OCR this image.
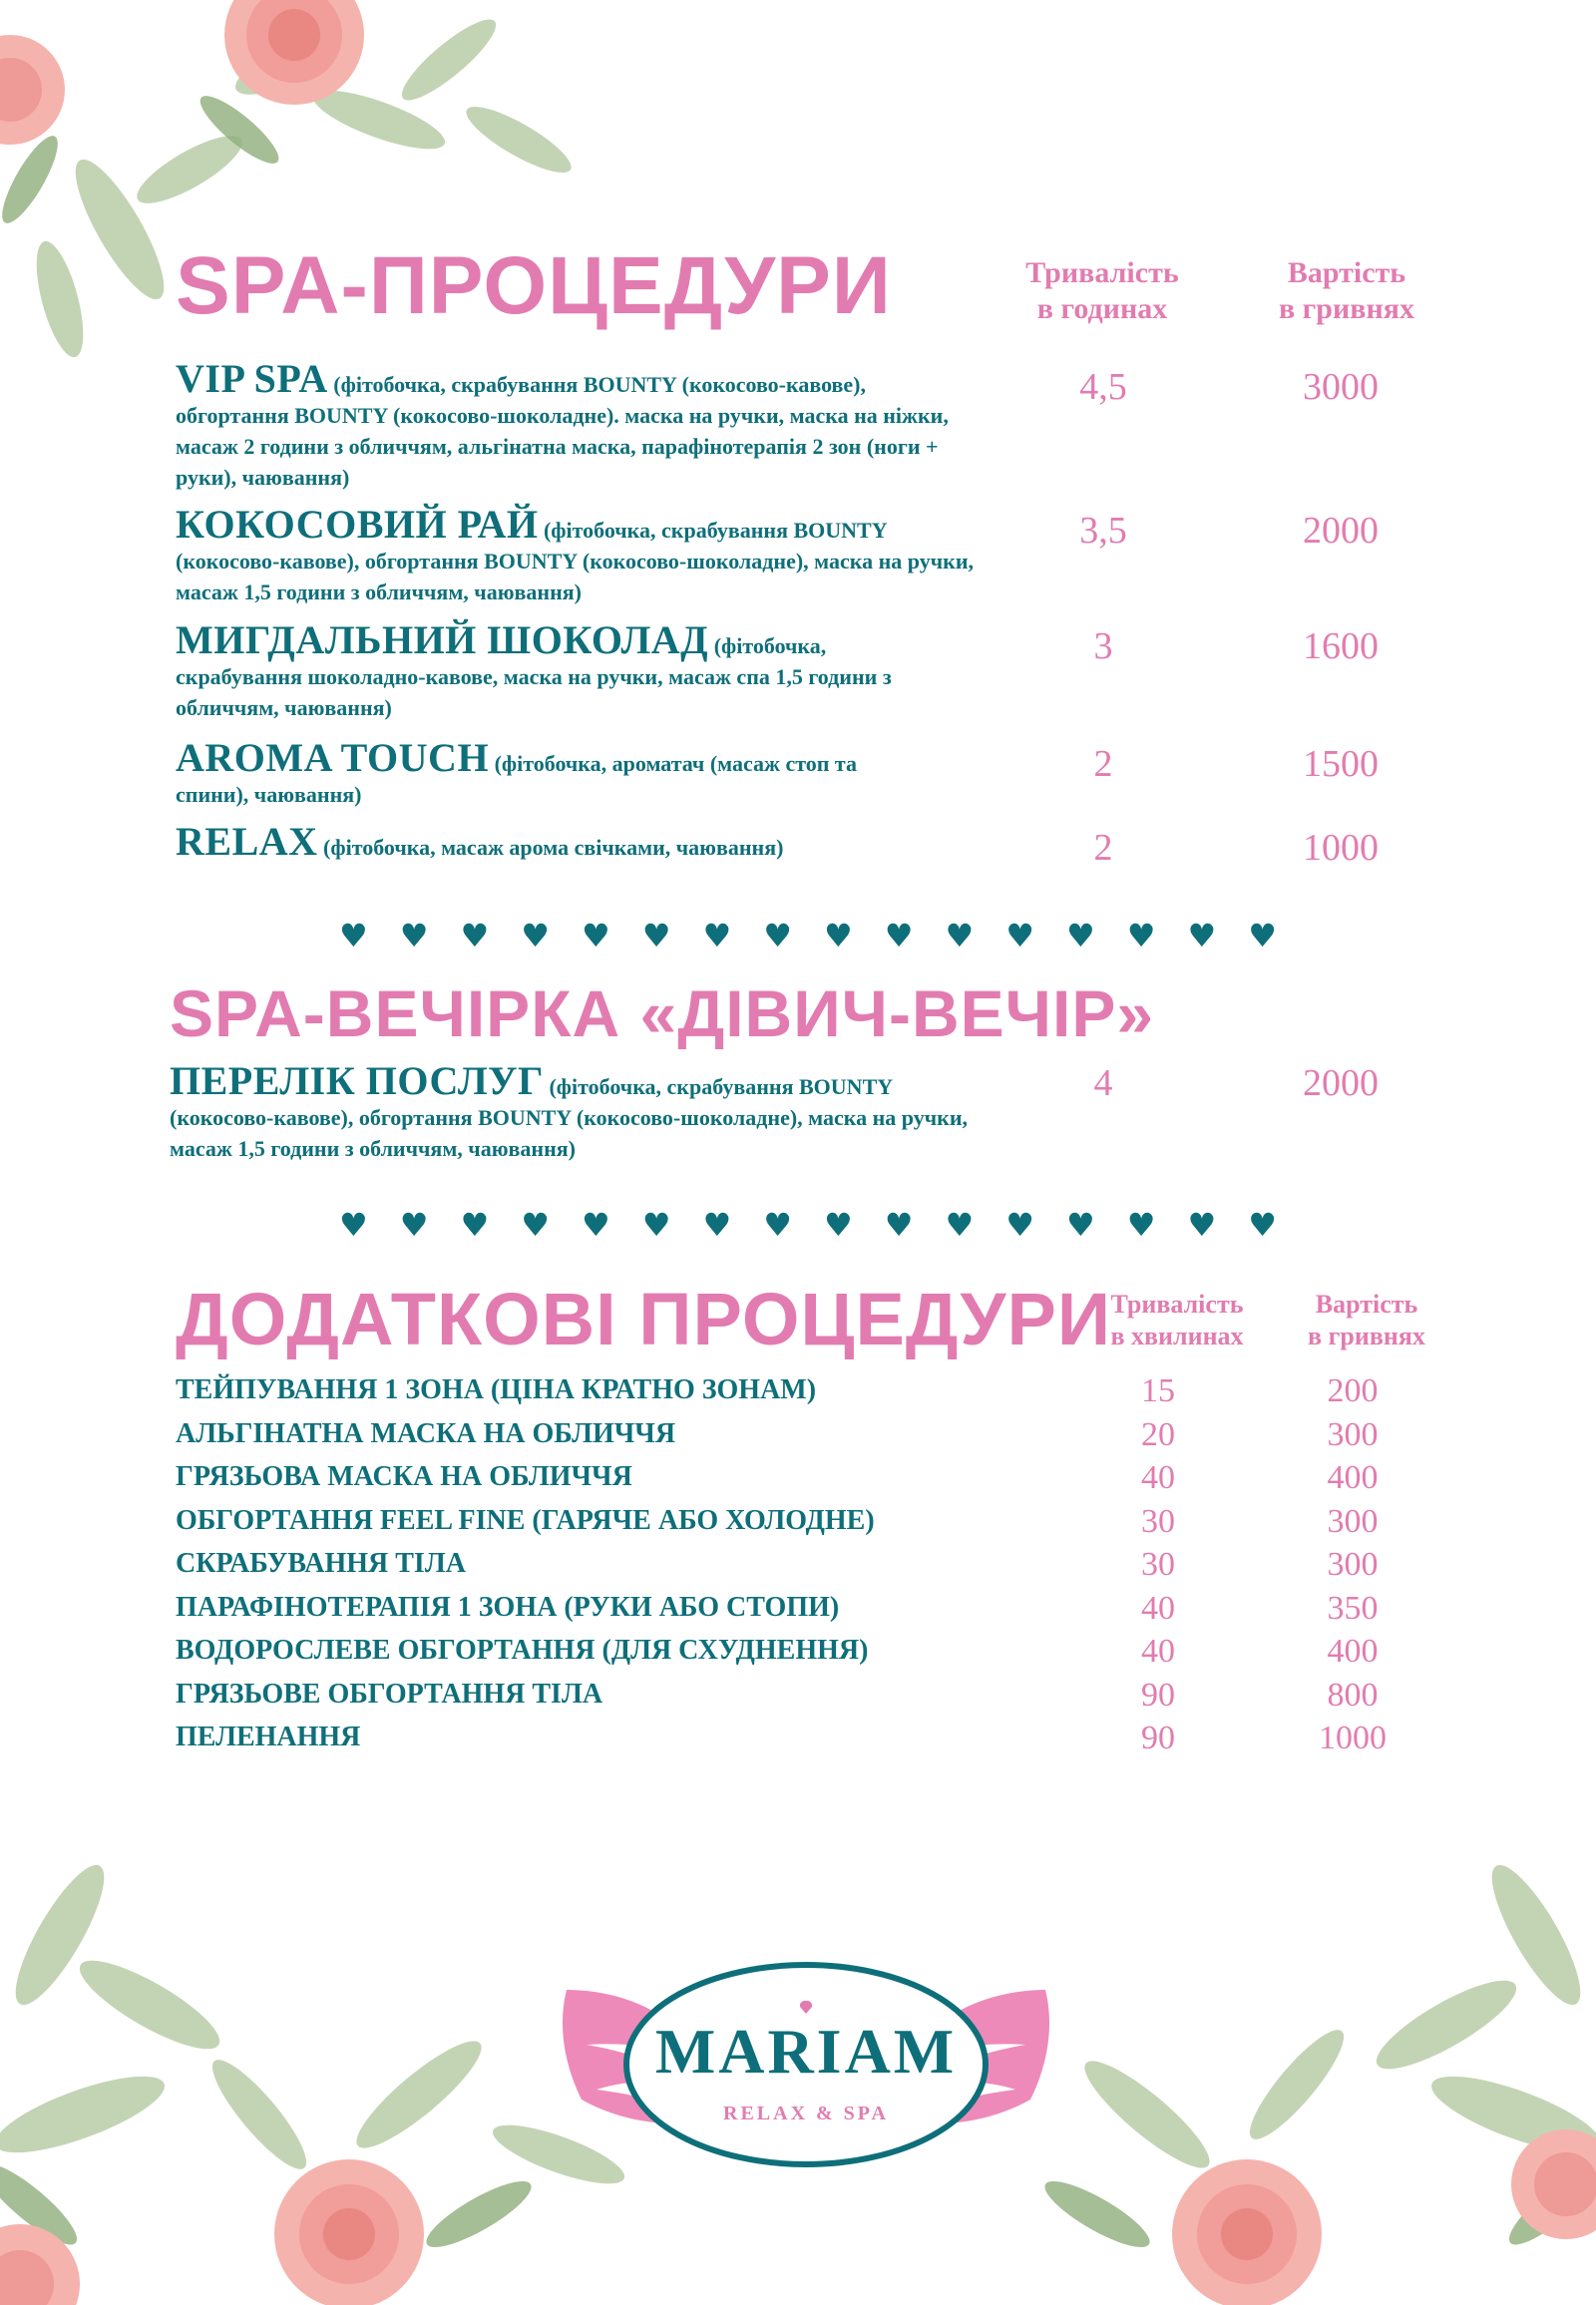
SPA-ПРОЦЕДУРИ	Тривалість
в годинах
Вартість
в гривнях
VIP SPA (фітобочка, скрабування BOUNTY (кокосово-кавове), обгортання BOUNTY (кокосово-шоколадне). маска на ручки, маска на ніжки, масаж 2 години з обличчям, альгінатна маска, парафінотерапія 2 зон (ноги + руки), чаювання)
4,5	3000
КОКОСОВИЙ РАЙ (фітобочка, скрабування BOUNTY (кокосово-кавове), обгортання BOUNTY (кокосово-шоколадне), маска на ручки, масаж 1,5 години з обличчям, чаювання)
3,5	2000
МИГДАЛЬНИЙ ШОКОЛАД (фітобочка, скрабування шоколадно-кавове, маска на ручки, масаж спа 1,5 години з обличчям, чаювання)
3	1600
AROMA TOUCH (фітобочка, ароматач (масаж стоп та спини), чаювання)
2	1500
RELAX (фітобочка, масаж арома свічками, чаювання)	2	1000
♥ ♥ ♥ ♥ ♥ ♥ ♥ ♥ ♥ ♥ ♥ ♥ ♥ ♥ ♥ ♥
SPA-ВЕЧІРКА «ДІВИЧ-ВЕЧІР»
ПЕРЕЛІК ПОСЛУГ (фітобочка, скрабування BOUNTY (кокосово-кавове), обгортання BOUNTY (кокосово-шоколадне), маска на ручки, масаж 1,5 години з обличчям, чаювання)
4	2000
♥ ♥ ♥ ♥ ♥ ♥ ♥ ♥ ♥ ♥ ♥ ♥ ♥ ♥ ♥ ♥
ДОДАТКОВІ ПРОЦЕДУРИ Тривалість
в хвилинах
Вартість
в гривнях
ТЕЙПУВАННЯ 1 ЗОНА (ЦІНА КРАТНО ЗОНАМ)	15	200
АЛЬГІНАТНА МАСКА НА ОБЛИЧЧЯ	20	300
ГРЯЗЬОВА МАСКА НА ОБЛИЧЧЯ	40	400
ОБГОРТАННЯ FEEL FINE (ГАРЯЧЕ АБО ХОЛОДНЕ)	30	300
СКРАБУВАННЯ ТІЛА	30	300
ПАРАФІНОТЕРАПІЯ 1 ЗОНА (РУКИ АБО СТОПИ)	40	350
ВОДОРОСЛЕВЕ ОБГОРТАННЯ (ДЛЯ СХУДНЕННЯ)	40	400
ГРЯЗЬОВЕ ОБГОРТАННЯ ТІЛА	90	800
ПЕЛЕНАННЯ	90	1000
MARIAM
RELAX & SPA
